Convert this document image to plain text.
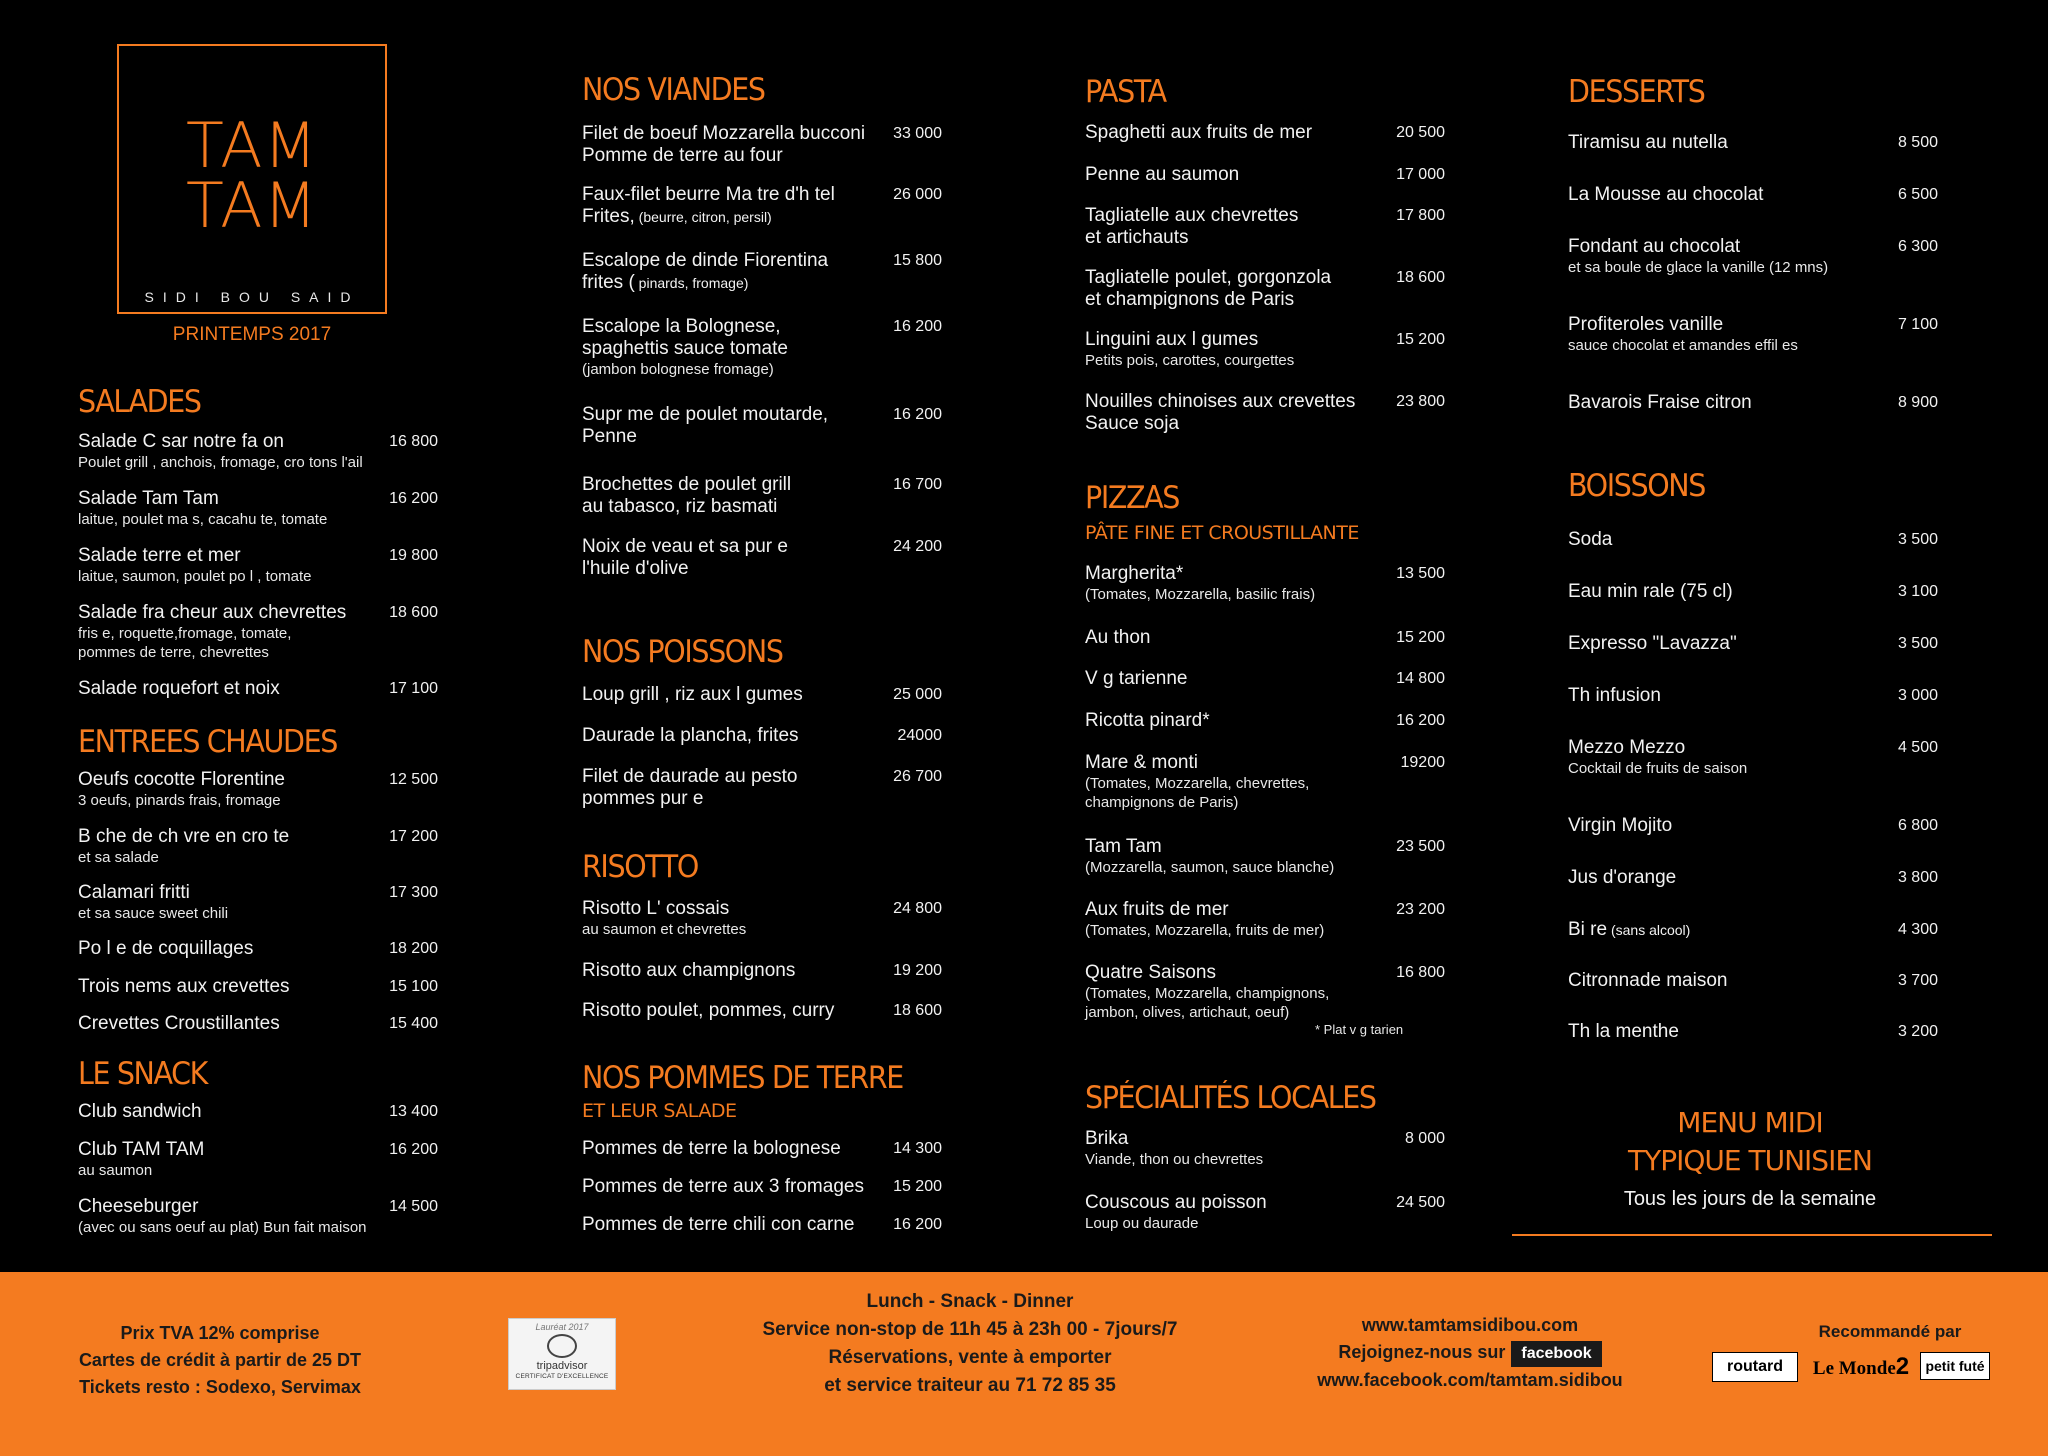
TAM
TAM
SIDI BOU SAID
PRINTEMPS 2017
SALADES
Salade C sar notre fa on
Poulet grill , anchois, fromage, cro tons l'ail
16 800
Salade Tam Tam
laitue, poulet ma s, cacahu te, tomate
16 200
Salade terre et mer
laitue, saumon, poulet po l , tomate
19 800
Salade fra cheur aux chevrettes
fris e, roquette,fromage, tomate,
pommes de terre, chevrettes
18 600
Salade roquefort et noix	17 100
ENTREES CHAUDES
Oeufs cocotte Florentine
3 oeufs, pinards frais, fromage
12 500
B che de ch vre en cro te
et sa salade
17 200
Calamari fritti
et sa sauce sweet chili
17 300
Po l e de coquillages	18 200
Trois nems aux crevettes	15 100
Crevettes Croustillantes	15 400
LE SNACK
Club sandwich	13 400
Club TAM TAM
au saumon
16 200
Cheeseburger
(avec ou sans oeuf au plat) Bun fait maison
14 500
NOS VIANDES
Filet de boeuf Mozzarella bucconi
Pomme de terre au four
33 000
Faux-filet beurre Ma tre d'h tel
Frites, (beurre, citron, persil)
26 000
Escalope de dinde Fiorentina
frites ( pinards, fromage)
15 800
Escalope la Bolognese,
spaghettis sauce tomate
(jambon bolognese fromage)
16 200
Supr me de poulet moutarde,
Penne
16 200
Brochettes de poulet grill
au tabasco, riz basmati
16 700
Noix de veau et sa pur e
l'huile d'olive
24 200
NOS POISSONS
Loup grill , riz aux l gumes	25 000
Daurade la plancha, frites	24000
Filet de daurade au pesto
pommes pur e
26 700
RISOTTO
Risotto L' cossais
au saumon et chevrettes
24 800
Risotto aux champignons	19 200
Risotto poulet, pommes, curry	18 600
NOS POMMES DE TERRE
ET LEUR SALADE
Pommes de terre la bolognese	14 300
Pommes de terre aux 3 fromages	15 200
Pommes de terre chili con carne	16 200
PASTA
Spaghetti aux fruits de mer	20 500
Penne au saumon	17 000
Tagliatelle aux chevrettes
et artichauts
17 800
Tagliatelle poulet, gorgonzola
et champignons de Paris
18 600
Linguini aux l gumes
Petits pois, carottes, courgettes
15 200
Nouilles chinoises aux crevettes
Sauce soja
23 800
PIZZAS
PÂTE FINE ET CROUSTILLANTE
Margherita*
(Tomates, Mozzarella, basilic frais)
13 500
Au thon	15 200
V g tarienne	14 800
Ricotta pinard*	16 200
Mare & monti
(Tomates, Mozzarella, chevrettes,
champignons de Paris)
19200
Tam Tam
(Mozzarella, saumon, sauce blanche)
23 500
Aux fruits de mer
(Tomates, Mozzarella, fruits de mer)
23 200
Quatre Saisons
(Tomates, Mozzarella, champignons,
jambon, olives, artichaut, oeuf)
16 800
* Plat v g tarien
SPÉCIALITÉS LOCALES
Brika
Viande, thon ou chevrettes
8 000
Couscous au poisson
Loup ou daurade
24 500
DESSERTS
Tiramisu au nutella	8 500
La Mousse au chocolat	6 500
Fondant au chocolat
et sa boule de glace la vanille (12 mns)
6 300
Profiteroles vanille
sauce chocolat et amandes effil es
7 100
Bavarois Fraise citron	8 900
BOISSONS
Soda	3 500
Eau min rale (75 cl)	3 100
Expresso "Lavazza"	3 500
Th infusion	3 000
Mezzo Mezzo
Cocktail de fruits de saison
4 500
Virgin Mojito	6 800
Jus d'orange	3 800
Bi re (sans alcool)	4 300
Citronnade maison	3 700
Th la menthe	3 200
MENU MIDI
TYPIQUE TUNISIEN
Tous les jours de la semaine
Prix TVA 12% comprise
Cartes de crédit à partir de 25 DT
Tickets resto : Sodexo, Servimax
Lauréat 2017
tripadvisor
CERTIFICAT D'EXCELLENCE
Lunch - Snack - Dinner
Service non-stop de 11h 45 à 23h 00 - 7jours/7
Réservations, vente à emporter
et service traiteur au 71 72 85 35
www.tamtamsidibou.com
Rejoignez-nous sur facebook
www.facebook.com/tamtam.sidibou
Recommandé par
routard	Le Monde2	petit futé
